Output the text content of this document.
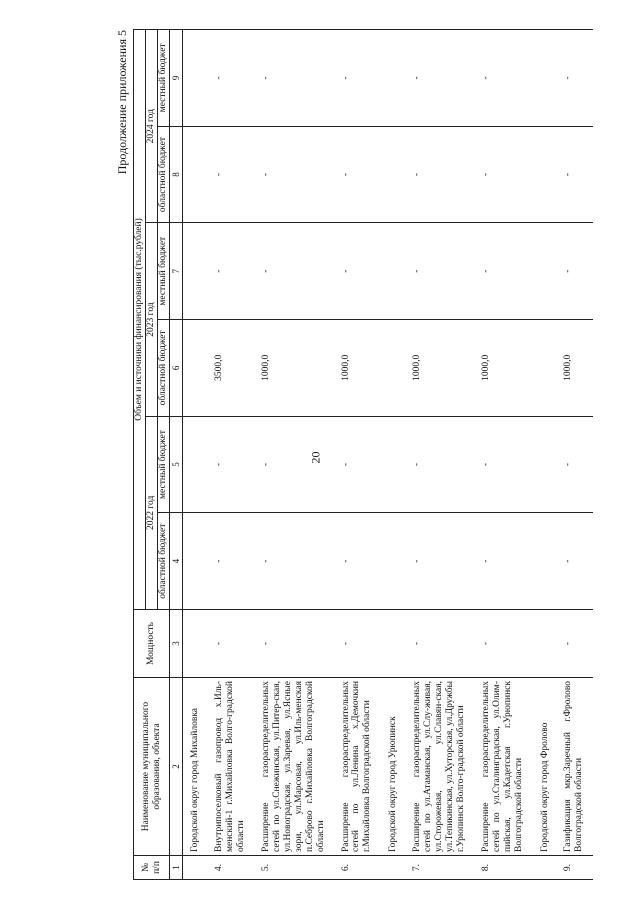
20
Продолжение приложения 5
№ п/п	Наименование муниципального образования, объекта	Мощность	Объем и источники финансирования (тыс.рублей)					
			2022 год		2023 год		2024 год	
			областной бюджет	местный бюджет	областной бюджет	местный бюджет	областной бюджет	местный бюджет
1	2	3	4	5	6	7	8	9
	Городской округ город Михайловка							
4.	Внутрипоселковый газопровод х.Иль-менский-1 г.Михайловка Волго-градской области	-	-	-	3500,0	-	-	-
5.	Расширение газораспределительных сетей по ул.Снежинская, ул.Питер-ская, ул.Новоградская, ул.Заревая, ул.Ясные зори, ул.Марсовая, ул.Иль-менская п.Себрово г.Михайловка Волгоградской области	-	-	-	1000,0	-	-	-
6.	Расширение газораспределительных сетей по ул.Ленина х.Демочкин г.Михайловка Волгоградской области	-	-	-	1000,0	-	-	-
	Городской округ город Урюпинск							
7.	Расширение газораспределительных сетей по ул.Атаманская, ул.Слу-живая, ул.Сторожевая, ул.Славян-ская, ул.Тепикинская, ул.Хуторская, ул.Дружбы г.Урюпинск Волго-градской области	-	-	-	1000,0	-	-	-
8.	Расширение газораспределительных сетей по ул.Сталинградская, ул.Олим-пийская, ул.Кадетская г.Урюпинск Волгоградской области	-	-	-	1000,0	-	-	-
	Городской округ город Фролово							
9.	Газификация мкр.Заречный г.Фролово Волгоградской области	-	-	-	1000,0	-	-	-
